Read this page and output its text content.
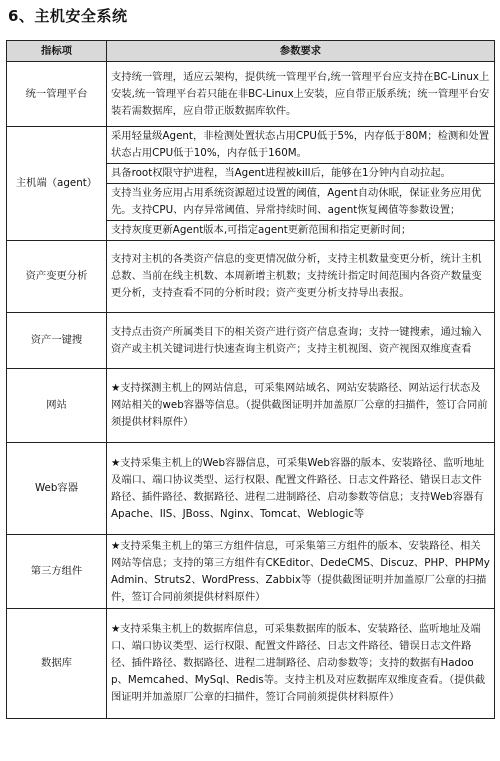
6、主机安全系统
指标项	参数要求
统一管理平台	支持统一管理，适应云架构，提供统一管理平台,统一管理平台应支持在BC-Linux上安装,统一管理平台若只能在非BC-Linux上安装，应自带正版系统；统一管理平台安装若需数据库，应自带正版数据库软件。
主机端（agent）	采用轻量级Agent，非检测处置状态占用CPU低于5%，内存低于80M；检测和处置状态占用CPU低于10%，内存低于160M。
具备root权限守护进程，当Agent进程被kill后，能够在1分钟内自动拉起。
支持当业务应用占用系统资源超过设置的阈值，Agent自动休眠，保证业务应用优先。支持CPU、内存异常阈值、异常持续时间、agent恢复阈值等参数设置；
支持灰度更新Agent版本,可指定agent更新范围和指定更新时间；

资产变更分析	支持对主机的各类资产信息的变更情况做分析，支持主机数量变更分析，统计主机总数、当前在线主机数、本周新增主机数；支持统计指定时间范围内各资产数量变更分析，支持查看不同的分析时段；资产变更分析支持导出表报。
资产一键搜	支持点击资产所属类目下的相关资产进行资产信息查询；支持一键搜索，通过输入资产或主机关键词进行快速查询主机资产；支持主机视图、资产视图双维度查看
网站	★支持探测主机上的网站信息，可采集网站域名、网站安装路径、网站运行状态及网站相关的web容器等信息。（提供截图证明并加盖原厂公章的扫描件，签订合同前须提供材料原件）
Web容器	★支持采集主机上的Web容器信息，可采集Web容器的版本、安装路径、监听地址及端口、端口协议类型、运行权限、配置文件路径、日志文件路径、错误日志文件路径、插件路径、数据路径、进程二进制路径、启动参数等信息；支持Web容器有Apache、IIS、JBoss、Nginx、Tomcat、Weblogic等
第三方组件	★支持采集主机上的第三方组件信息，可采集第三方组件的版本、安装路径、相关网站等信息；支持的第三方组件有CKEditor、DedeCMS、Discuz、PHP、PHPMyAdmin、Struts2、WordPress、Zabbix等（提供截图证明并加盖原厂公章的扫描件，签订合同前须提供材料原件）
数据库	★支持采集主机上的数据库信息，可采集数据库的版本、安装路径、监听地址及端口、端口协议类型、运行权限、配置文件路径、日志文件路径、错误日志文件路径、插件路径、数据路径、进程二进制路径、启动参数等；支持的数据有Hadoop、Memcahed、MySql、Redis等。支持主机及对应数据库双维度查看。（提供截图证明并加盖原厂公章的扫描件，签订合同前须提供材料原件）
